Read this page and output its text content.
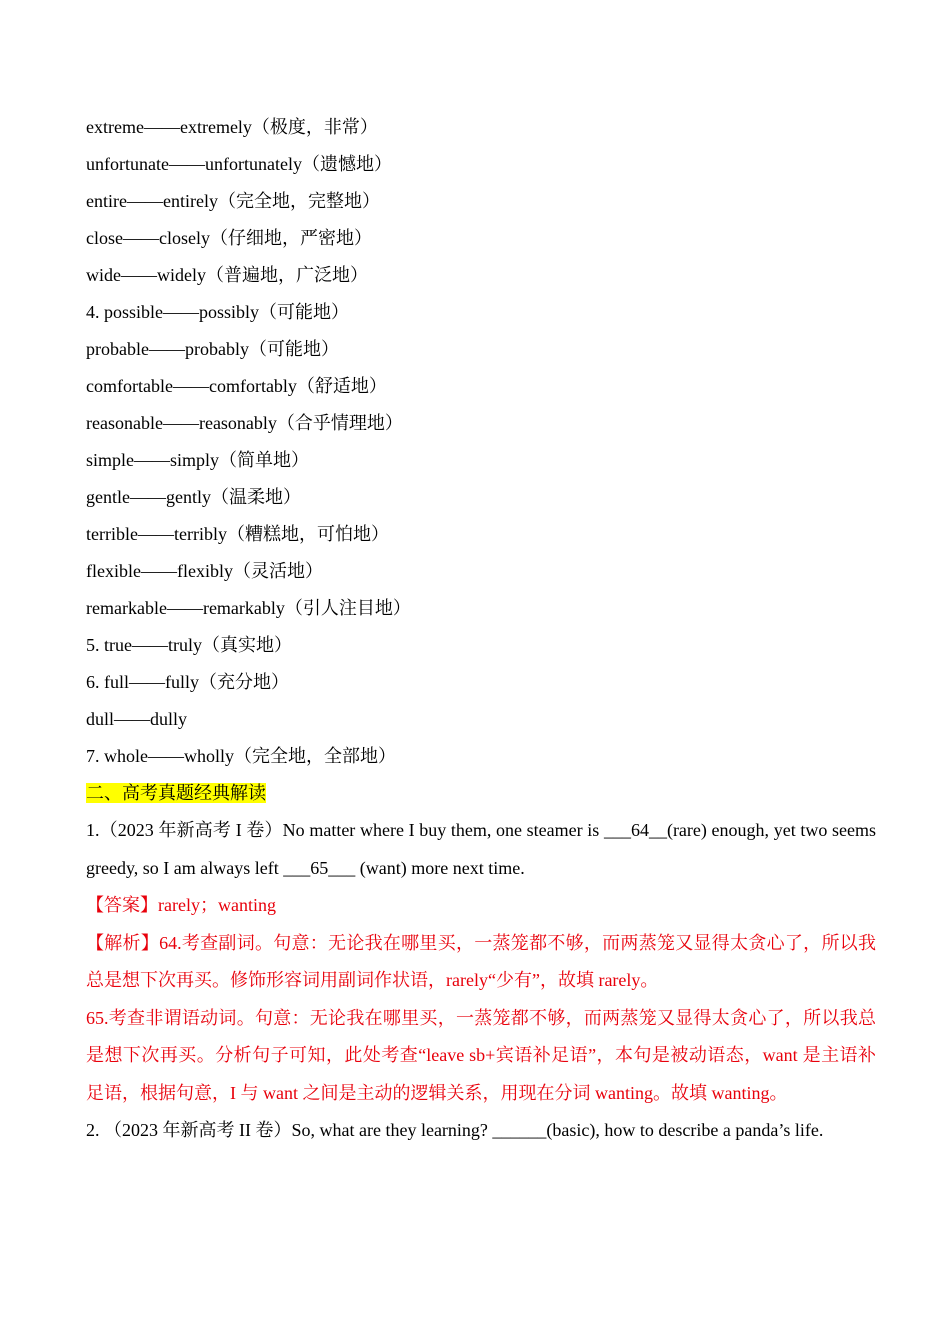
extreme——extremely（极度，非常）
unfortunate——unfortunately（遗憾地）
entire——entirely（完全地，完整地）
close——closely（仔细地，严密地）
wide——widely（普遍地，广泛地）
4. possible——possibly（可能地）
probable——probably（可能地）
comfortable——comfortably（舒适地）
reasonable——reasonably（合乎情理地）
simple——simply（简单地）
gentle——gently（温柔地）
terrible——terribly（糟糕地，可怕地）
flexible——flexibly（灵活地）
remarkable——remarkably（引人注目地）
5. true——truly（真实地）
6. full——fully（充分地）
dull——dully
7. whole——wholly（完全地，全部地）
二、高考真题经典解读

1.（2023 年新高考 I 卷）No matter where I buy them, one steamer is ___64__(rare) enough, yet two seems greedy, so I am always left ___65___ (want) more next time.

【答案】rarely；wanting

【解析】64.考查副词。句意：无论我在哪里买，一蒸笼都不够，而两蒸笼又显得太贪心了，所以我总是想下次再买。修饰形容词用副词作状语，rarely“少有”，故填 rarely。

65.考查非谓语动词。句意：无论我在哪里买，一蒸笼都不够，而两蒸笼又显得太贪心了，所以我总是想下次再买。分析句子可知，此处考查“leave sb+宾语补足语”，本句是被动语态，want 是主语补足语，根据句意，I 与 want 之间是主动的逻辑关系，用现在分词 wanting。故填 wanting。

2. （2023 年新高考 II 卷）So, what are they learning? ______(basic), how to describe a panda’s life.
